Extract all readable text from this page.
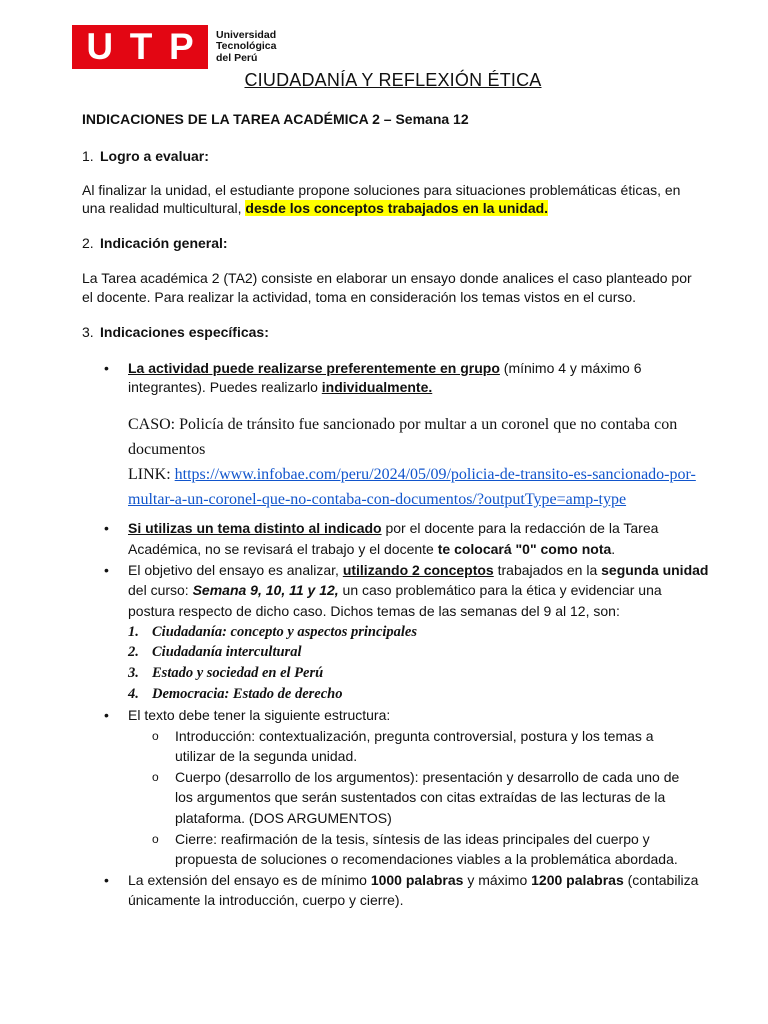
U T P Universidad
Tecnológica
del Perú
CIUDADANÍA Y REFLEXIÓN ÉTICA
INDICACIONES DE LA TAREA ACADÉMICA 2 – Semana 12
1. Logro a evaluar:
Al finalizar la unidad, el estudiante propone soluciones para situaciones problemáticas éticas, en
una realidad multicultural, desde los conceptos trabajados en la unidad.
2. Indicación general:
La Tarea académica 2 (TA2) consiste en elaborar un ensayo donde analices el caso planteado por
el docente. Para realizar la actividad, toma en consideración los temas vistos en el curso.
3. Indicaciones específicas:
• La actividad puede realizarse preferentemente en grupo (mínimo 4 y máximo 6
integrantes). Puedes realizarlo individualmente.
CASO: Policía de tránsito fue sancionado por multar a un coronel que no contaba con
documentos
LINK: https://www.infobae.com/peru/2024/05/09/policia-de-transito-es-sancionado-por-
multar-a-un-coronel-que-no-contaba-con-documentos/?outputType=amp-type
• Si utilizas un tema distinto al indicado por el docente para la redacción de la Tarea
Académica, no se revisará el trabajo y el docente te colocará "0" como nota.
• El objetivo del ensayo es analizar, utilizando 2 conceptos trabajados en la segunda unidad
del curso: Semana 9, 10, 11 y 12, un caso problemático para la ética y evidenciar una
postura respecto de dicho caso. Dichos temas de las semanas del 9 al 12, son:
1. Ciudadanía: concepto y aspectos principales
2. Ciudadanía intercultural
3. Estado y sociedad en el Perú
4. Democracia: Estado de derecho
• El texto debe tener la siguiente estructura:
o Introducción: contextualización, pregunta controversial, postura y los temas a
utilizar de la segunda unidad.
o Cuerpo (desarrollo de los argumentos): presentación y desarrollo de cada uno de
los argumentos que serán sustentados con citas extraídas de las lecturas de la
plataforma. (DOS ARGUMENTOS)
o Cierre: reafirmación de la tesis, síntesis de las ideas principales del cuerpo y
propuesta de soluciones o recomendaciones viables a la problemática abordada.
• La extensión del ensayo es de mínimo 1000 palabras y máximo 1200 palabras (contabiliza
únicamente la introducción, cuerpo y cierre).
